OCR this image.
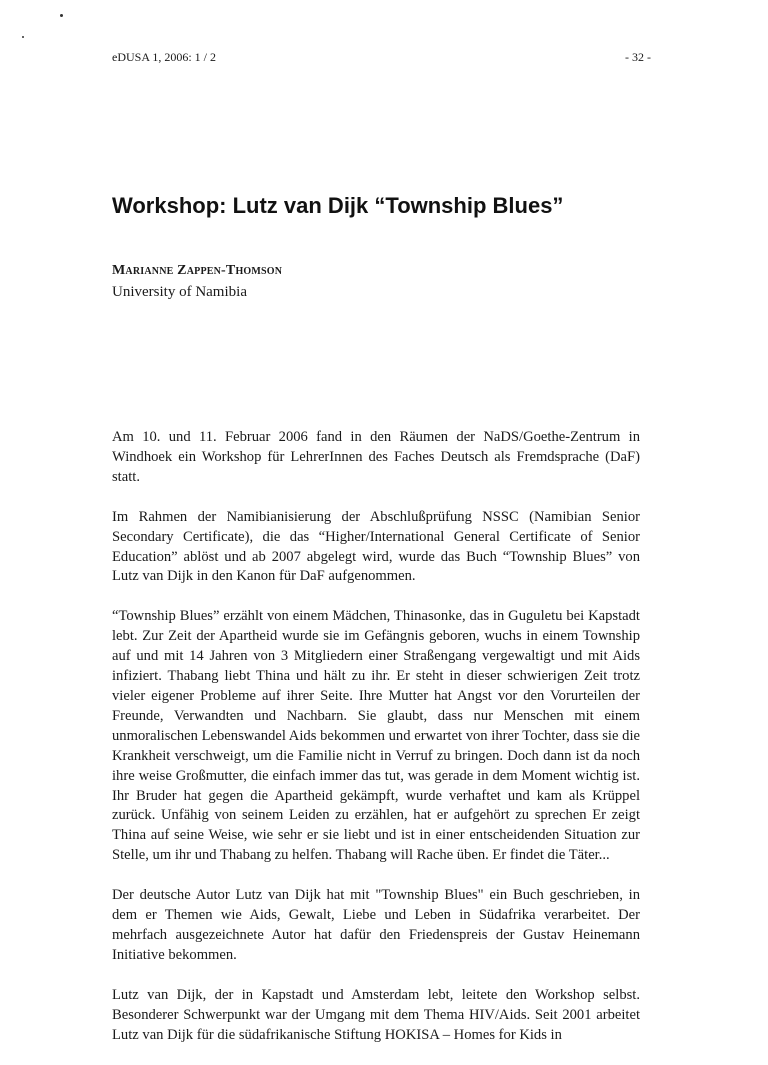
eDUSA 1, 2006: 1 / 2	- 32 -
Workshop: Lutz van Dijk “Township Blues”
Marianne Zappen-Thomson
University of Namibia

Am 10. und 11. Februar 2006 fand in den Räumen der NaDS/Goethe-Zentrum in Windhoek ein Workshop für LehrerInnen des Faches Deutsch als Fremdsprache (DaF) statt.

Im Rahmen der Namibianisierung der Abschlußprüfung NSSC (Namibian Senior Secondary Certificate), die das “Higher/International General Certificate of Senior Education” ablöst und ab 2007 abgelegt wird, wurde das Buch “Township Blues” von Lutz van Dijk in den Kanon für DaF aufgenommen.

“Township Blues” erzählt von einem Mädchen, Thinasonke, das in Guguletu bei Kapstadt lebt. Zur Zeit der Apartheid wurde sie im Gefängnis geboren, wuchs in einem Township auf und mit 14 Jahren von 3 Mitgliedern einer Straßengang vergewaltigt und mit Aids infiziert. Thabang liebt Thina und hält zu ihr. Er steht in dieser schwierigen Zeit trotz vieler eigener Probleme auf ihrer Seite. Ihre Mutter hat Angst vor den Vorurteilen der Freunde, Verwandten und Nachbarn. Sie glaubt, dass nur Menschen mit einem unmoralischen Lebenswandel Aids bekommen und erwartet von ihrer Tochter, dass sie die Krankheit verschweigt, um die Familie nicht in Verruf zu bringen. Doch dann ist da noch ihre weise Großmutter, die einfach immer das tut, was gerade in dem Moment wichtig ist. Ihr Bruder hat gegen die Apartheid gekämpft, wurde verhaftet und kam als Krüppel zurück. Unfähig von seinem Leiden zu erzählen, hat er aufgehört zu sprechen Er zeigt Thina auf seine Weise, wie sehr er sie liebt und ist in einer entscheidenden Situation zur Stelle, um ihr und Thabang zu helfen. Thabang will Rache üben. Er findet die Täter...

Der deutsche Autor Lutz van Dijk hat mit "Township Blues" ein Buch geschrieben, in dem er Themen wie Aids, Gewalt, Liebe und Leben in Südafrika verarbeitet. Der mehrfach ausgezeichnete Autor hat dafür den Friedenspreis der Gustav Heinemann Initiative bekommen.

Lutz van Dijk, der in Kapstadt und Amsterdam lebt, leitete den Workshop selbst. Besonderer Schwerpunkt war der Umgang mit dem Thema HIV/Aids. Seit 2001 arbeitet Lutz van Dijk für die südafrikanische Stiftung HOKISA – Homes for Kids in
